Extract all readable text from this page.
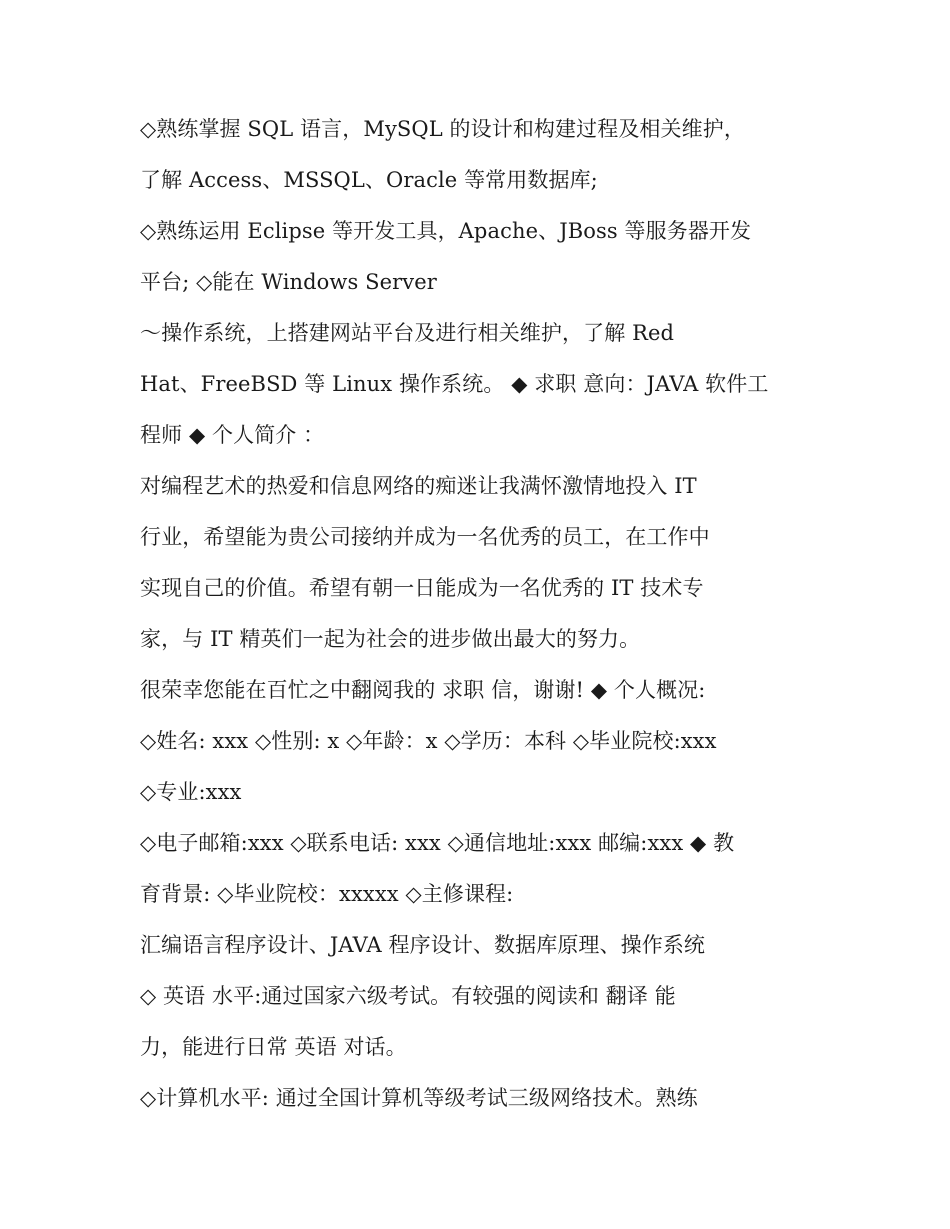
◇熟练掌握 SQL 语言，MySQL 的设计和构建过程及相关维护，
了解 Access、MSSQL、Oracle 等常用数据库;
◇熟练运用 Eclipse 等开发工具，Apache、JBoss 等服务器开发
平台; ◇能在 Windows Server
～操作系统，上搭建网站平台及进行相关维护，了解 Red
Hat、FreeBSD 等 Linux 操作系统。 ◆ 求职 意向：JAVA 软件工
程师 ◆ 个人简介 ：
对编程艺术的热爱和信息网络的痴迷让我满怀激情地投入 IT
行业，希望能为贵公司接纳并成为一名优秀的员工，在工作中
实现自己的价值。希望有朝一日能成为一名优秀的 IT 技术专
家，与 IT 精英们一起为社会的进步做出最大的努力。
很荣幸您能在百忙之中翻阅我的 求职 信，谢谢! ◆ 个人概况:
◇姓名: xxx ◇性别: x ◇年龄：x ◇学历：本科 ◇毕业院校:xxx
◇专业:xxx
◇电子邮箱:xxx ◇联系电话: xxx ◇通信地址:xxx 邮编:xxx ◆ 教
育背景: ◇毕业院校：xxxxx ◇主修课程:
汇编语言程序设计、JAVA 程序设计、数据库原理、操作系统
◇ 英语 水平:通过国家六级考试。有较强的阅读和 翻译 能
力，能进行日常 英语 对话。
◇计算机水平: 通过全国计算机等级考试三级网络技术。熟练
